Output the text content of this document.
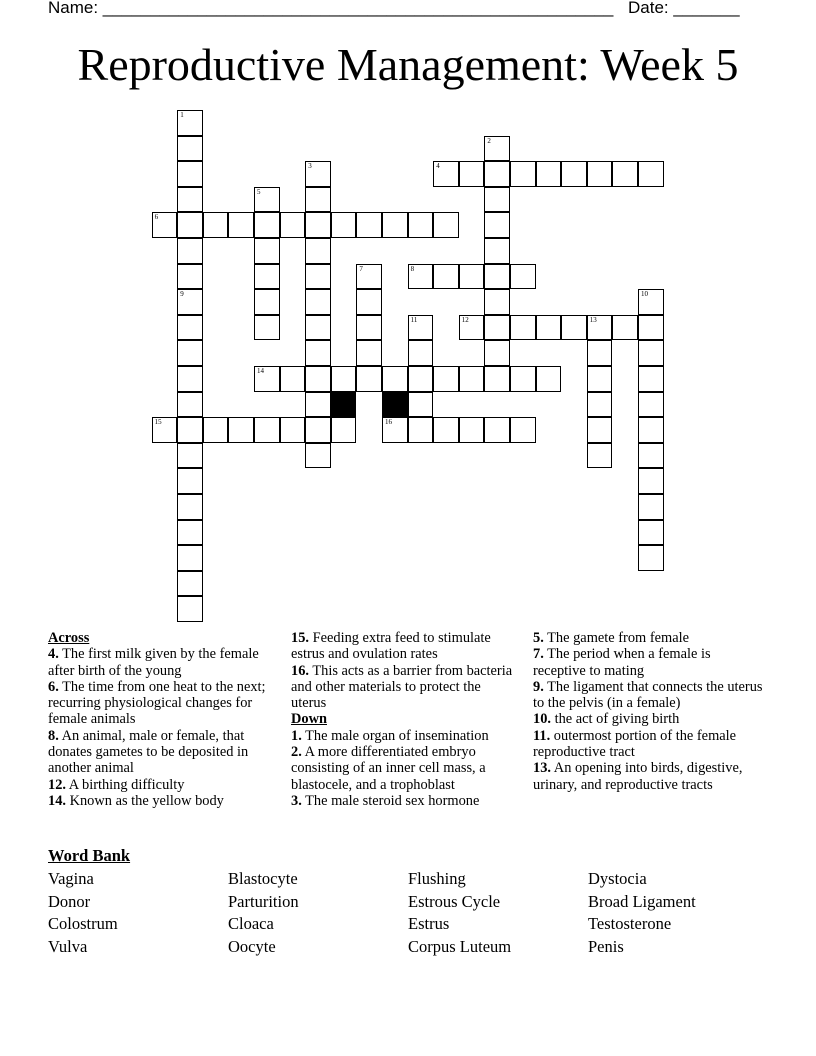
Name: ______________________________________________________ Date: _______
Reproductive Management: Week 5
1
9
2
3	4
5
6
7	8
10
11	12	13
14
15	16
Across
4. The first milk given by the female after birth of the young
6. The time from one heat to the next; recurring physiological changes for female animals
8. An animal, male or female, that donates gametes to be deposited in another animal
12. A birthing difficulty
14. Known as the yellow body
15. Feeding extra feed to stimulate estrus and ovulation rates
16. This acts as a barrier from bacteria and other materials to protect the uterus
Down
1. The male organ of insemination
2. A more differentiated embryo consisting of an inner cell mass, a blastocele, and a trophoblast
3. The male steroid sex hormone
5. The gamete from female
7. The period when a female is receptive to mating
9. The ligament that connects the uterus to the pelvis (in a female)
10. the act of giving birth
11. outermost portion of the female reproductive tract
13. An opening into birds, digestive, urinary, and reproductive tracts
Word Bank
Vagina
Donor
Colostrum
Vulva
Blastocyte
Parturition
Cloaca
Oocyte
Flushing
Estrous Cycle
Estrus
Corpus Luteum
Dystocia
Broad Ligament
Testosterone
Penis
